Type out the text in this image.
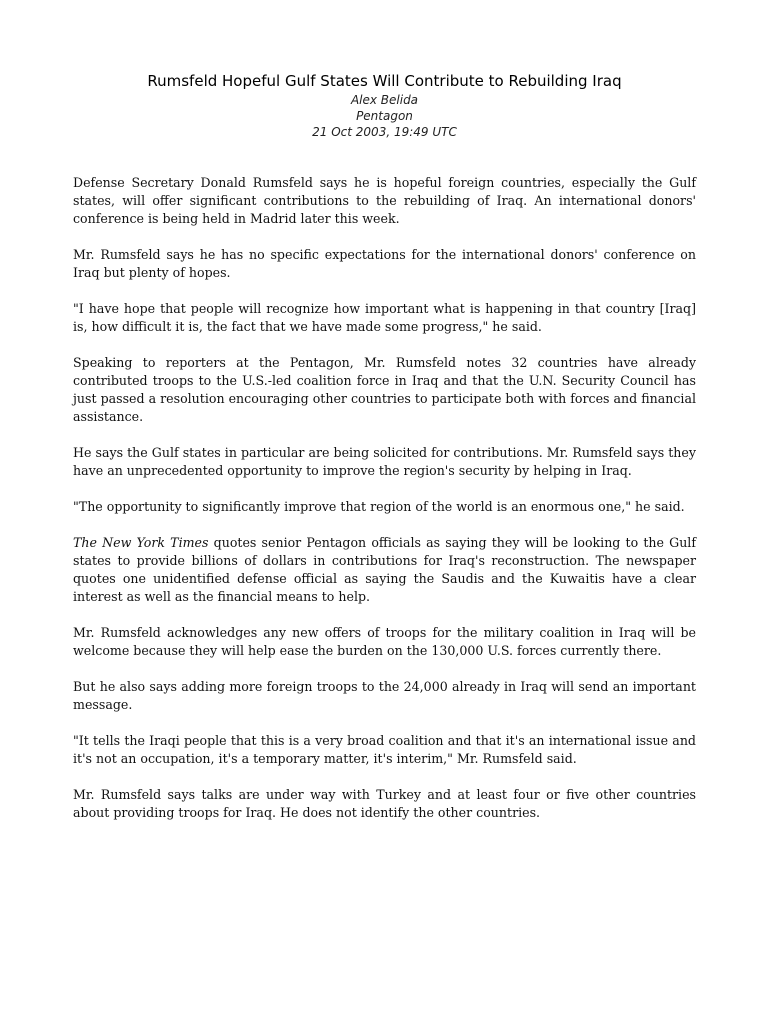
Rumsfeld Hopeful Gulf States Will Contribute to Rebuilding Iraq
Alex Belida
Pentagon
21 Oct 2003, 19:49 UTC

Defense Secretary Donald Rumsfeld says he is hopeful foreign countries, especially the Gulf states, will offer significant contributions to the rebuilding of Iraq. An international donors' conference is being held in Madrid later this week.

Mr. Rumsfeld says he has no specific expectations for the international donors' conference on Iraq but plenty of hopes.

"I have hope that people will recognize how important what is happening in that country [Iraq] is, how difficult it is, the fact that we have made some progress," he said.

Speaking to reporters at the Pentagon, Mr. Rumsfeld notes 32 countries have already contributed troops to the U.S.-led coalition force in Iraq and that the U.N. Security Council has just passed a resolution encouraging other countries to participate both with forces and financial assistance.

He says the Gulf states in particular are being solicited for contributions. Mr. Rumsfeld says they have an unprecedented opportunity to improve the region's security by helping in Iraq.

"The opportunity to significantly improve that region of the world is an enormous one," he said.

The New York Times quotes senior Pentagon officials as saying they will be looking to the Gulf states to provide billions of dollars in contributions for Iraq's reconstruction. The newspaper quotes one unidentified defense official as saying the Saudis and the Kuwaitis have a clear interest as well as the financial means to help.

Mr. Rumsfeld acknowledges any new offers of troops for the military coalition in Iraq will be welcome because they will help ease the burden on the 130,000 U.S. forces currently there.

But he also says adding more foreign troops to the 24,000 already in Iraq will send an important message.

"It tells the Iraqi people that this is a very broad coalition and that it's an international issue and it's not an occupation, it's a temporary matter, it's interim," Mr. Rumsfeld said.

Mr. Rumsfeld says talks are under way with Turkey and at least four or five other countries about providing troops for Iraq. He does not identify the other countries.
